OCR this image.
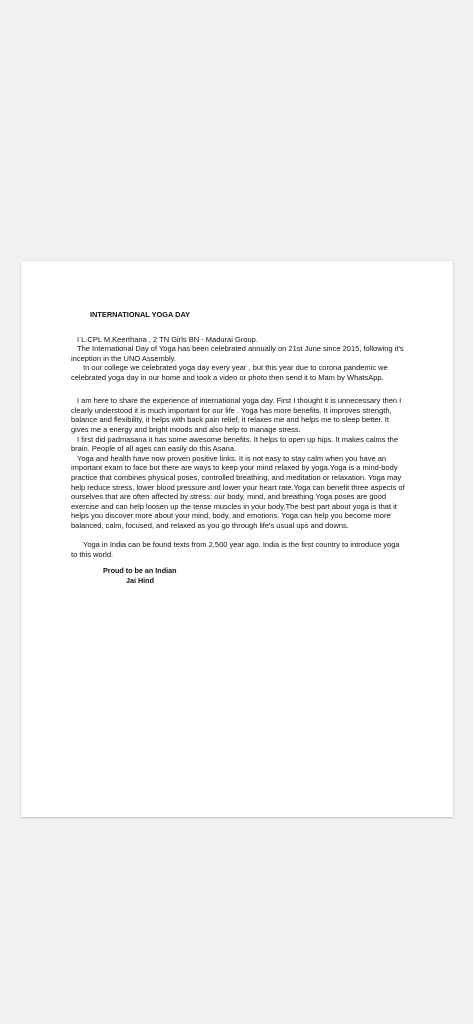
INTERNATIONAL YOGA DAY

I L.CPL M.Keerthana , 2 TN Girls BN - Madurai Group.

The International Day of Yoga has been celebrated annually on 21st June since 2015, following it's inception in the UNO Assembly.

In our college we celebrated yoga day every year , but this year due to corona pandemic we celebrated yoga day in our home and took a video or photo then send it to Mam by WhatsApp.

I am here to share the experience of international yoga day. First I thought it is unnecessary then I clearly understood it is much important for our life . Yoga has more benefits. It improves strength, balance and flexibility, it helps with back pain relief, it relaxes me and helps me to sleep better. It gives me a energy and bright moods and also help to manage stress.

I first did padmasana it has some awesome benefits. It helps to open up hips. It makes calms the brain. People of all ages can easily do this Asana.

Yoga and health have now proven positive links. It is not easy to stay calm when you have an important exam to face but there are ways to keep your mind relaxed by yoga.Yoga is a mind-body practice that combines physical poses, controlled breathing, and meditation or relaxation. Yoga may help reduce stress, lower blood pressure and lower your heart rate.Yoga can benefit three aspects of ourselves that are often affected by stress: our body, mind, and breathing.Yoga poses are good exercise and can help loosen up the tense muscles in your body.The best part about yoga is that it helps you discover more about your mind, body, and emotions. Yoga can help you become more balanced, calm, focused, and relaxed as you go through life's usual ups and downs.

Yoga in India can be found texts from 2,500 year ago. India is the first country to introduce yoga to this world.

Proud to be an Indian
Jai Hind
